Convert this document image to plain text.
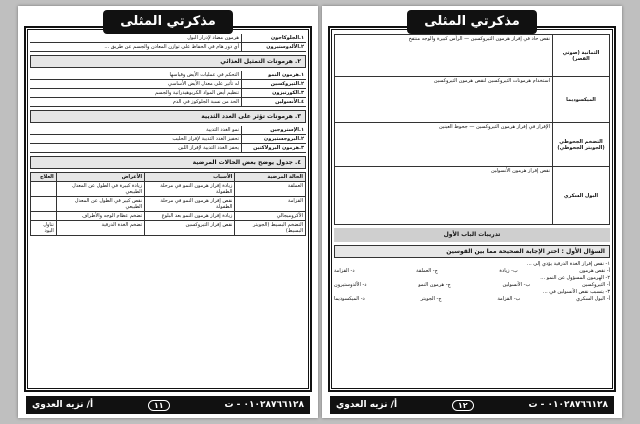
مذكرتي المثلى
١.الجلوكاجون
هرمون مضاد لإدرار البول
٢.الألدوستيرون
أي دور هام في الحفاظ على توازن المعادن والجسم عن طريق ...
٢. هرمونات التمثيل الغذائي
١.هرمون النمو
التحكم في عمليات الأيض وقياسها
٢.الثيروكسين
له تأثير على معدل الأيض الأساسي
٣.الكورتيزون
تنظيم أيض المواد الكربوهيدراتية والجسم
٤.الأنسولين
الحد من نسبة الجلوكوز في الدم
٣. هرمونات تؤثر على الغدد الثديية
١.الإستروجين
نمو الغدد الثديية
٢.البروجستيرون
تحفيز الغدد الثديية لإفراز الحليب
٣.هرمون البرولاكتين
يحفز الغدد الثديية لإفراز اللبن
٤. جدول يوضح بعض الحالات المرضية
الحالة المرضية	الأسباب	الأعراض	العلاج
العملقة	زيادة إفراز هرمون النمو في مرحلة الطفولة	زيادة كبيرة في الطول عن المعدل الطبيعي	
القزامة	نقص إفراز هرمون النمو في مرحلة الطفولة	نقص كبير في الطول عن المعدل الطبيعي	
الأكروميجالي	زيادة إفراز هرمون النمو بعد البلوغ	تضخم عظام الوجه والأطراف	
التضخم البسيط (الجويتر البسيط)	نقص إفراز الثيروكسين	تضخم الغدة الدرقية	تناول اليود
أ/ نزيه العدوي	١١	٠١٠٢٨٧٦٦١٢٨ - ت
مذكرتي المثلى
الثمانية (صوتي القصر)	نقص حاد في إفراز هرمون الثيروكسين — الرأس كبيرة والوجه منتفخ
الميكسوديما	استخدام هرمونات الثيروكسين لنقص هرمون الثيروكسين
التضخم الجحوظي (الجويتر الجحوظي)	الإفراز في إفراز هرمون الثيروكسين — جحوظ العينين
البول السكري	نقص إفراز هرمون الأنسولين
تدريبات الباب الأول
السؤال الأول : اختر الإجابة الصحيحة مما بين القوسين
١- نقص إفراز الغدة الدرقية يؤدي إلى ...
أ- نقص هرمون
ب- زيادة
ج- العملقة
د- القزامة
٢- الهرمون المسؤول عن النمو ...
أ- الثيروكسين
ب- الأنسولين
ج- هرمون النمو
د- الألدوستيرون
٣- يتسبب نقص الأنسولين في ...
أ- البول السكري
ب- القزامة
ج- الجويتر
د- الميكسوديما
أ/ نزيه العدوي	١٢	٠١٠٢٨٧٦٦١٢٨ - ت
